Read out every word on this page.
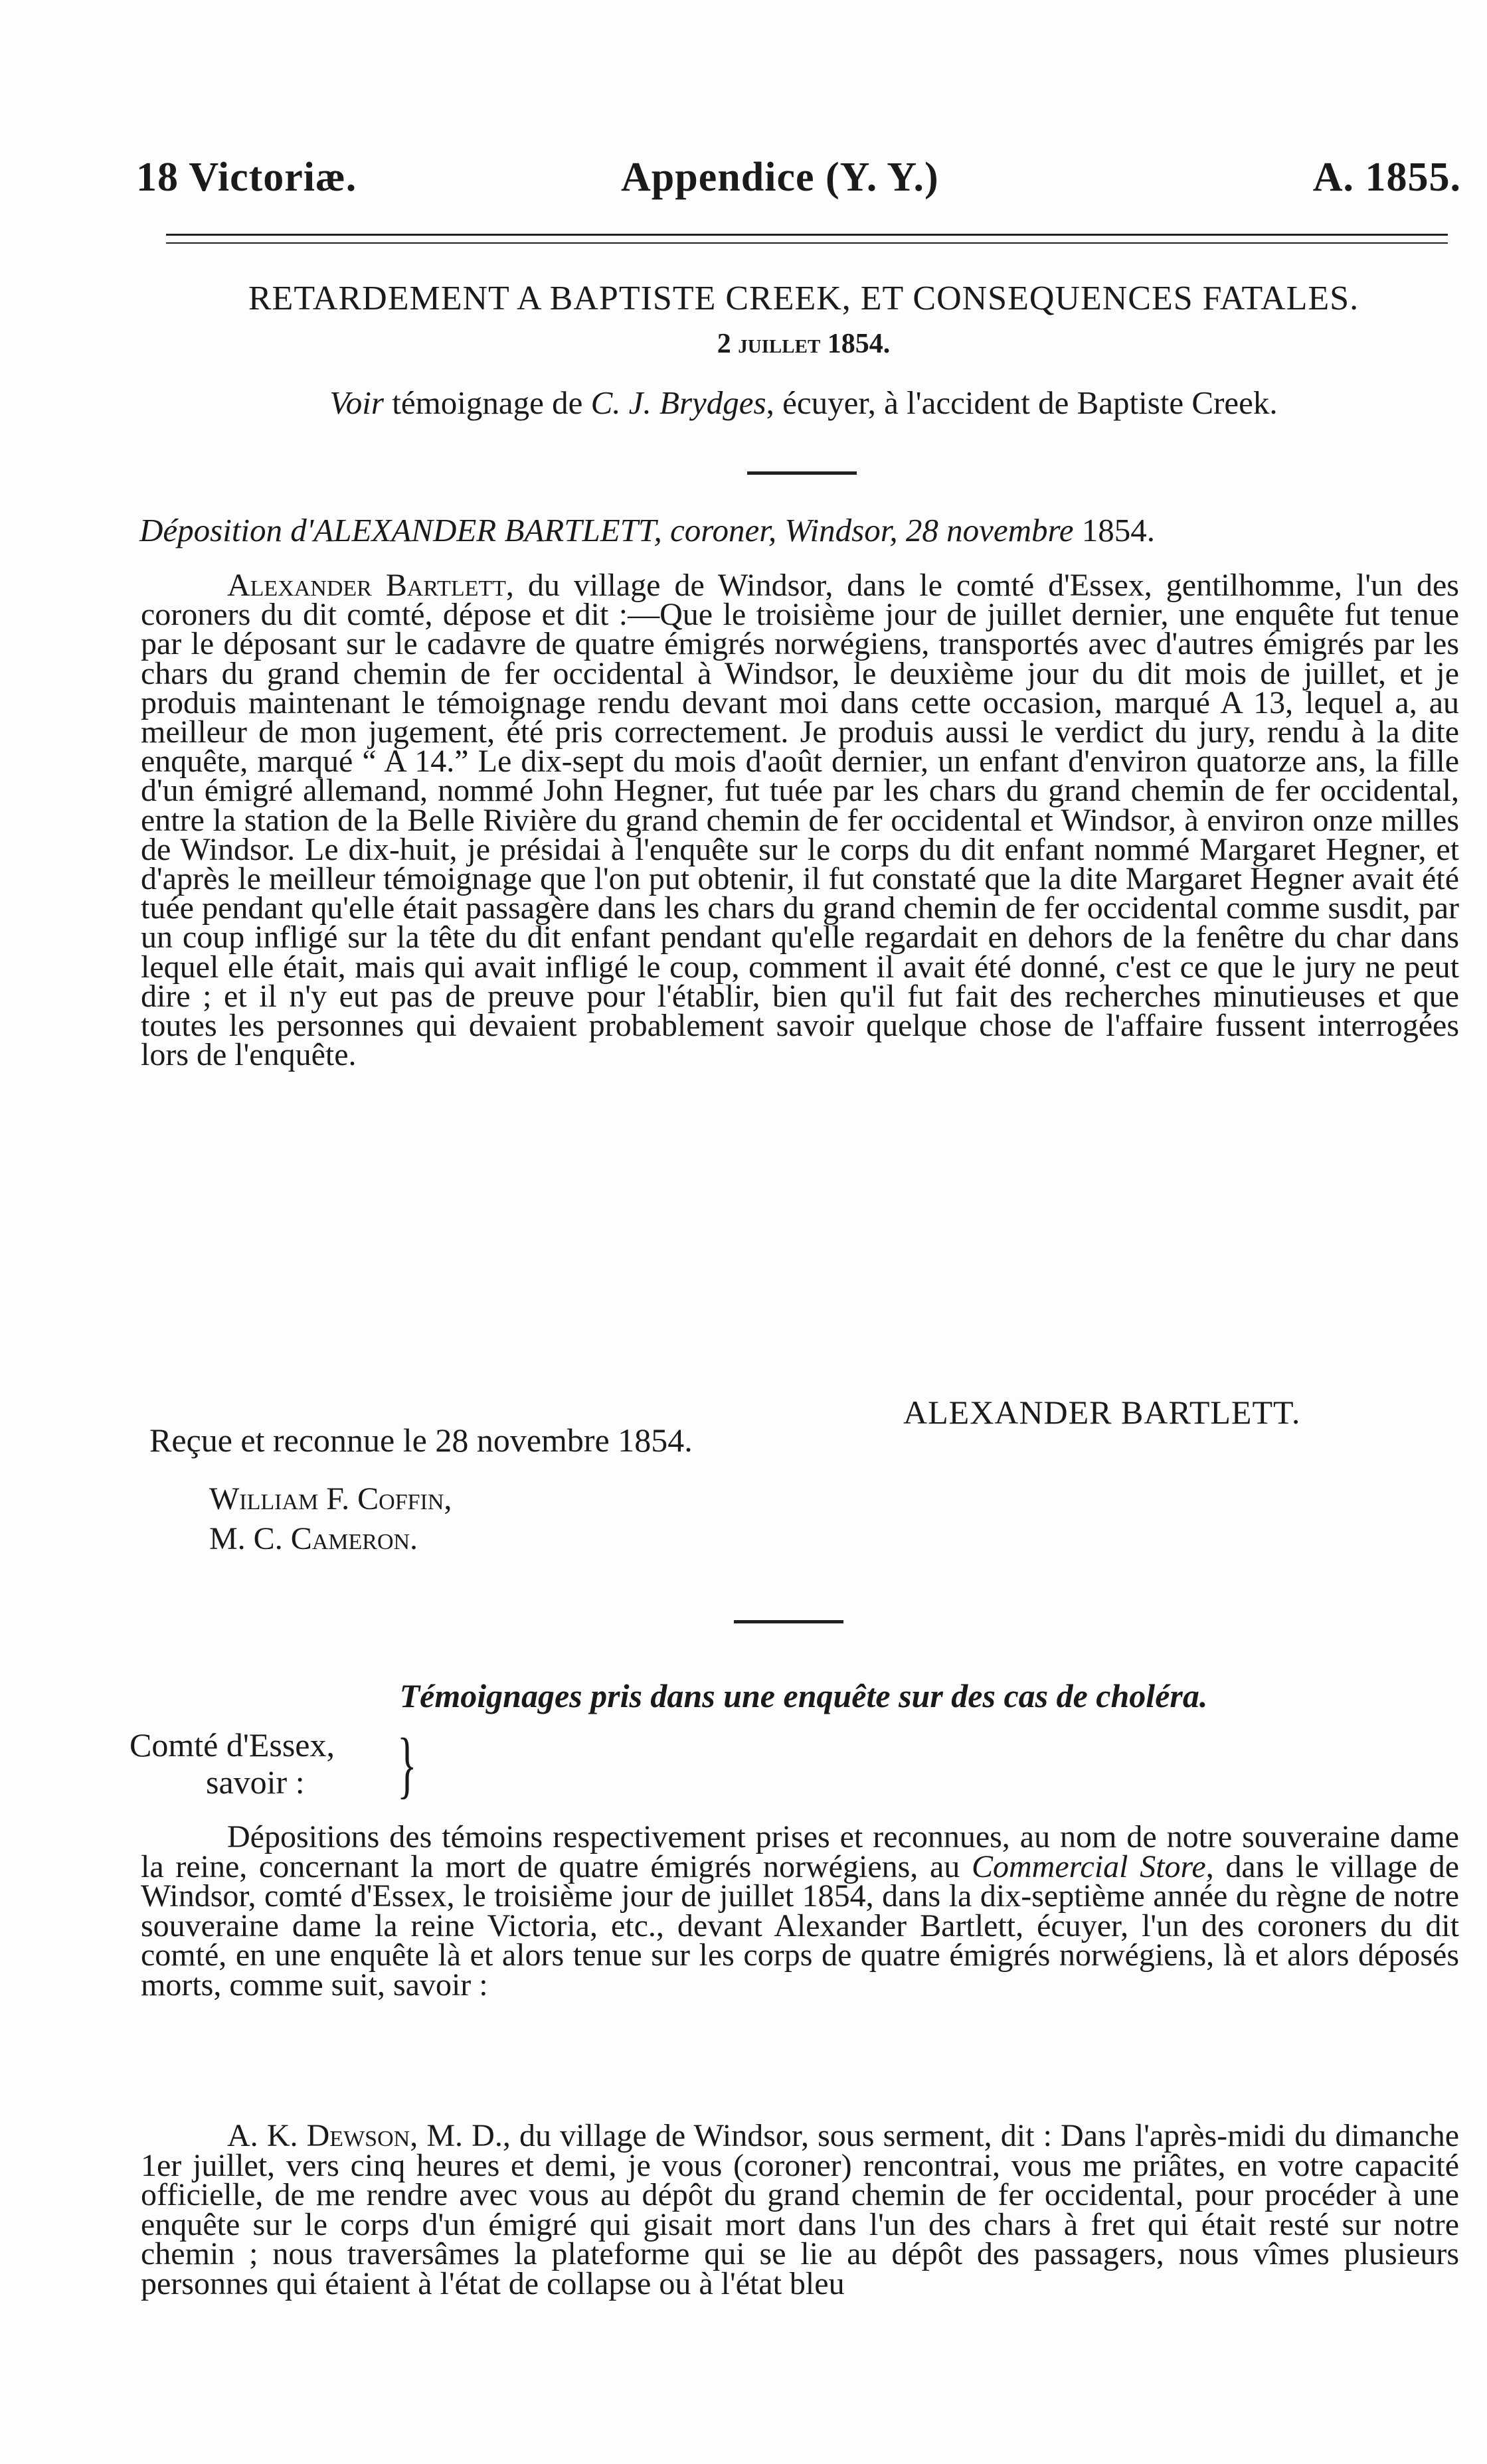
18 Victoriæ.	Appendice (Y. Y.)	A. 1855.
RETARDEMENT A BAPTISTE CREEK, ET CONSEQUENCES FATALES.
2 juillet 1854.
Voir témoignage de C. J. Brydges, écuyer, à l'accident de Baptiste Creek.
Déposition d'ALEXANDER BARTLETT, coroner, Windsor, 28 novembre 1854.
Alexander Bartlett, du village de Windsor, dans le comté d'Essex, gentilhomme, l'un des coroners du dit comté, dépose et dit :—Que le troisième jour de juillet dernier, une enquête fut tenue par le déposant sur le cadavre de quatre émigrés norwégiens, transportés avec d'autres émigrés par les chars du grand chemin de fer occidental à Windsor, le deuxième jour du dit mois de juillet, et je produis maintenant le témoignage rendu devant moi dans cette occasion, marqué A 13, lequel a, au meilleur de mon jugement, été pris correctement. Je produis aussi le verdict du jury, rendu à la dite enquête, marqué “ A 14.” Le dix-sept du mois d'août dernier, un enfant d'environ quatorze ans, la fille d'un émigré allemand, nommé John Hegner, fut tuée par les chars du grand chemin de fer occidental, entre la station de la Belle Rivière du grand chemin de fer occidental et Windsor, à environ onze milles de Windsor. Le dix-huit, je présidai à l'enquête sur le corps du dit enfant nommé Margaret Hegner, et d'après le meilleur témoignage que l'on put obtenir, il fut constaté que la dite Margaret Hegner avait été tuée pendant qu'elle était passagère dans les chars du grand chemin de fer occidental comme susdit, par un coup infligé sur la tête du dit enfant pendant qu'elle regardait en dehors de la fenêtre du char dans lequel elle était, mais qui avait infligé le coup, comment il avait été donné, c'est ce que le jury ne peut dire ; et il n'y eut pas de preuve pour l'établir, bien qu'il fut fait des recherches minutieuses et que toutes les personnes qui devaient probablement savoir quelque chose de l'affaire fussent interrogées lors de l'enquête.
ALEXANDER BARTLETT.
Reçue et reconnue le 28 novembre 1854.
William F. Coffin,
M. C. Cameron.
Témoignages pris dans une enquête sur des cas de choléra.
Comté d'Essex,
savoir :	}
Dépositions des témoins respectivement prises et reconnues, au nom de notre souveraine dame la reine, concernant la mort de quatre émigrés norwégiens, au Commercial Store, dans le village de Windsor, comté d'Essex, le troisième jour de juillet 1854, dans la dix-septième année du règne de notre souveraine dame la reine Victoria, etc., devant Alexander Bartlett, écuyer, l'un des coroners du dit comté, en une enquête là et alors tenue sur les corps de quatre émigrés norwégiens, là et alors déposés morts, comme suit, savoir :
A. K. Dewson, M. D., du village de Windsor, sous serment, dit : Dans l'après-midi du dimanche 1er juillet, vers cinq heures et demi, je vous (coroner) rencontrai, vous me priâtes, en votre capacité officielle, de me rendre avec vous au dépôt du grand chemin de fer occidental, pour procéder à une enquête sur le corps d'un émigré qui gisait mort dans l'un des chars à fret qui était resté sur notre chemin ; nous traversâmes la plateforme qui se lie au dépôt des passagers, nous vîmes plusieurs personnes qui étaient à l'état de collapse ou à l'état bleu
